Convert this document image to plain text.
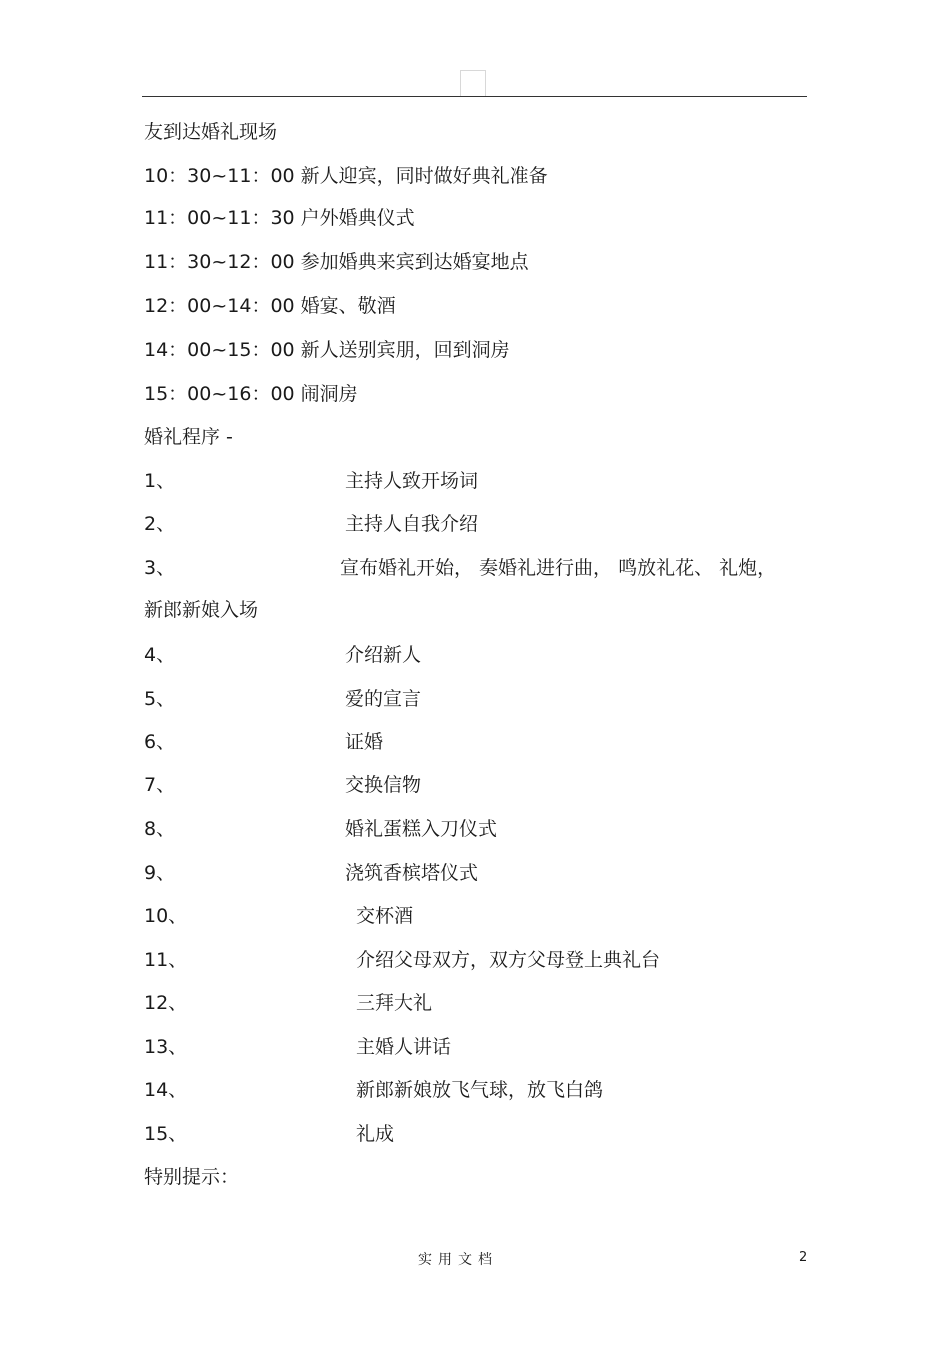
友到达婚礼现场
10：30~11：00 新人迎宾，同时做好典礼准备
11：00~11：30 户外婚典仪式
11：30~12：00 参加婚典来宾到达婚宴地点
12：00~14：00 婚宴、敬酒
14：00~15：00 新人送别宾朋，回到洞房
15：00~16：00 闹洞房
婚礼程序 -
1、	主持人致开场词
2、	主持人自我介绍
3、	宣布婚礼开始， 奏婚礼进行曲， 鸣放礼花、 礼炮，
新郎新娘入场
4、	介绍新人
5、	爱的宣言
6、	证婚
7、	交换信物
8、	婚礼蛋糕入刀仪式
9、	浇筑香槟塔仪式
10、	交杯酒
11、	介绍父母双方，双方父母登上典礼台
12、	三拜大礼
13、	主婚人讲话
14、	新郎新娘放飞气球，放飞白鸽
15、	礼成
特别提示：
实用文档	2
